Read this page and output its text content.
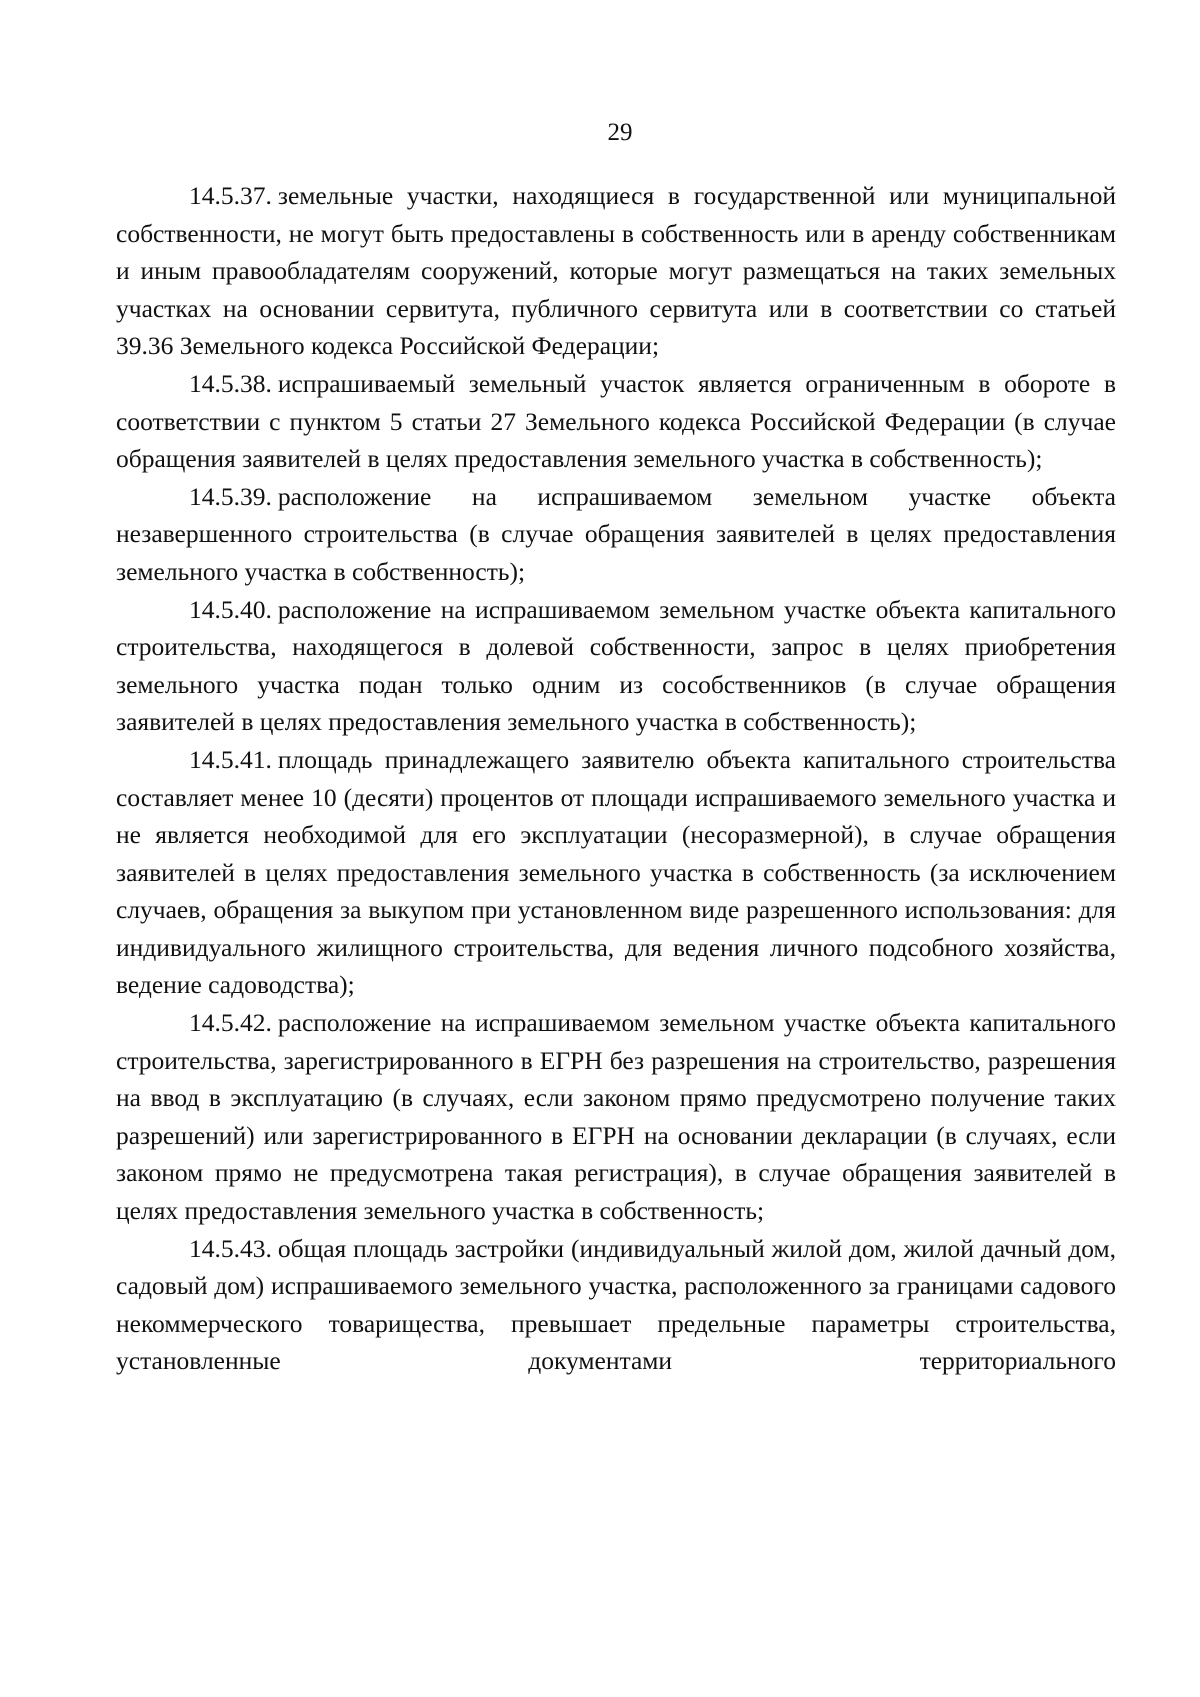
29

14.5.37. земельные участки, находящиеся в государственной или муниципальной собственности, не могут быть предоставлены в собственность или в аренду собственникам и иным правообладателям сооружений, которые могут размещаться на таких земельных участках на основании сервитута, публичного сервитута или в соответствии со статьей 39.36 Земельного кодекса Российской Федерации;

14.5.38. испрашиваемый земельный участок является ограниченным в обороте в соответствии с пунктом 5 статьи 27 Земельного кодекса Российской Федерации (в случае обращения заявителей в целях предоставления земельного участка в собственность);

14.5.39. расположение на испрашиваемом земельном участке объекта незавершенного строительства (в случае обращения заявителей в целях предоставления земельного участка в собственность);

14.5.40. расположение на испрашиваемом земельном участке объекта капитального строительства, находящегося в долевой собственности, запрос в целях приобретения земельного участка подан только одним из сособственников (в случае обращения заявителей в целях предоставления земельного участка в собственность);

14.5.41. площадь принадлежащего заявителю объекта капитального строительства составляет менее 10 (десяти) процентов от площади испрашиваемого земельного участка и не является необходимой для его эксплуатации (несоразмерной), в случае обращения заявителей в целях предоставления земельного участка в собственность (за исключением случаев, обращения за выкупом при установленном виде разрешенного использования: для индивидуального жилищного строительства, для ведения личного подсобного хозяйства, ведение садоводства);

14.5.42. расположение на испрашиваемом земельном участке объекта капитального строительства, зарегистрированного в ЕГРН без разрешения на строительство, разрешения на ввод в эксплуатацию (в случаях, если законом прямо предусмотрено получение таких разрешений) или зарегистрированного в ЕГРН на основании декларации (в случаях, если законом прямо не предусмотрена такая регистрация), в случае обращения заявителей в целях предоставления земельного участка в собственность;

14.5.43. общая площадь застройки (индивидуальный жилой дом, жилой дачный дом, садовый дом) испрашиваемого земельного участка, расположенного за границами садового некоммерческого товарищества, превышает предельные параметры строительства, установленные документами территориального
